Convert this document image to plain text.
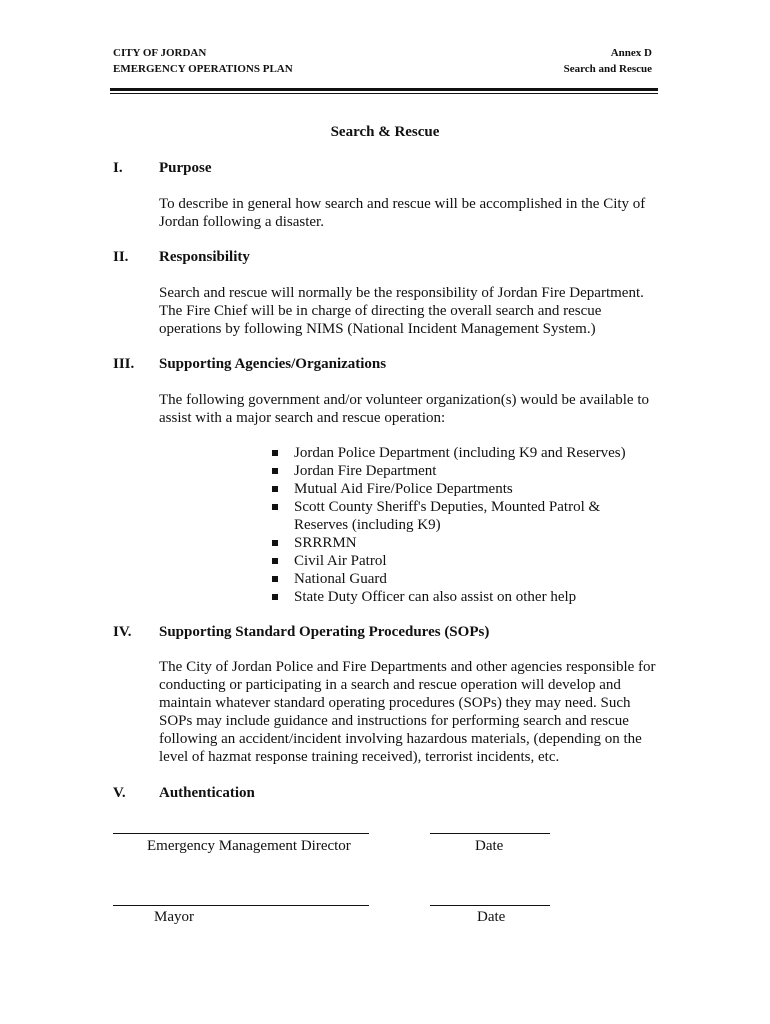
CITY OF JORDAN
EMERGENCY OPERATIONS PLAN
Annex D
Search and Rescue
Search & Rescue
I. Purpose

To describe in general how search and rescue will be accomplished in the City of Jordan following a disaster.

II. Responsibility

Search and rescue will normally be the responsibility of Jordan Fire Department. The Fire Chief will be in charge of directing the overall search and rescue operations by following NIMS (National Incident Management System.)

III. Supporting Agencies/Organizations

The following government and/or volunteer organization(s) would be available to assist with a major search and rescue operation:

Jordan Police Department (including K9 and Reserves)
Jordan Fire Department
Mutual Aid Fire/Police Departments
Scott County Sheriff's Deputies, Mounted Patrol & Reserves (including K9)
SRRRMN
Civil Air Patrol
National Guard
State Duty Officer can also assist on other help
IV. Supporting Standard Operating Procedures (SOPs)

The City of Jordan Police and Fire Departments and other agencies responsible for conducting or participating in a search and rescue operation will develop and maintain whatever standard operating procedures (SOPs) they may need. Such SOPs may include guidance and instructions for performing search and rescue following an accident/incident involving hazardous materials, (depending on the level of hazmat response training received), terrorist incidents, etc.

V. Authentication
Emergency Management Director	Date
Mayor	Date
